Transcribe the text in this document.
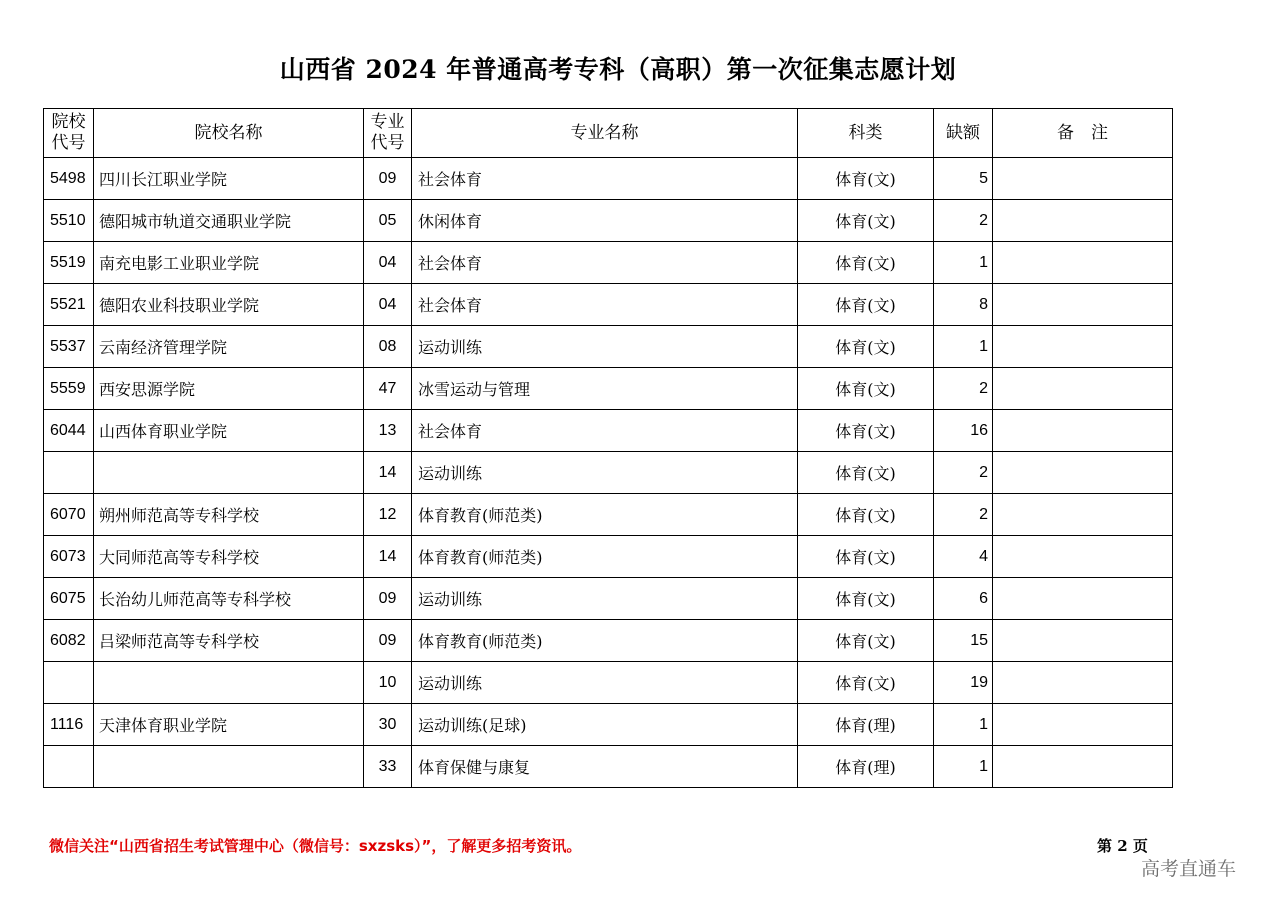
山西省 2024 年普通高考专科（高职）第一次征集志愿计划
院校代号	院校名称	专业代号	专业名称	科类	缺额	备　注
5498	四川长江职业学院	09	社会体育	体育(文)	5	
5510	德阳城市轨道交通职业学院	05	休闲体育	体育(文)	2	
5519	南充电影工业职业学院	04	社会体育	体育(文)	1	
5521	德阳农业科技职业学院	04	社会体育	体育(文)	8	
5537	云南经济管理学院	08	运动训练	体育(文)	1	
5559	西安思源学院	47	冰雪运动与管理	体育(文)	2	
6044	山西体育职业学院	13	社会体育	体育(文)	16	
		14	运动训练	体育(文)	2	
6070	朔州师范高等专科学校	12	体育教育(师范类)	体育(文)	2	
6073	大同师范高等专科学校	14	体育教育(师范类)	体育(文)	4	
6075	长治幼儿师范高等专科学校	09	运动训练	体育(文)	6	
6082	吕梁师范高等专科学校	09	体育教育(师范类)	体育(文)	15	
		10	运动训练	体育(文)	19	
1116	天津体育职业学院	30	运动训练(足球)	体育(理)	1	
		33	体育保健与康复	体育(理)	1	
微信关注“山西省招生考试管理中心（微信号：sxzsks）”，了解更多招考资讯。	第 2 页
高考直通车
